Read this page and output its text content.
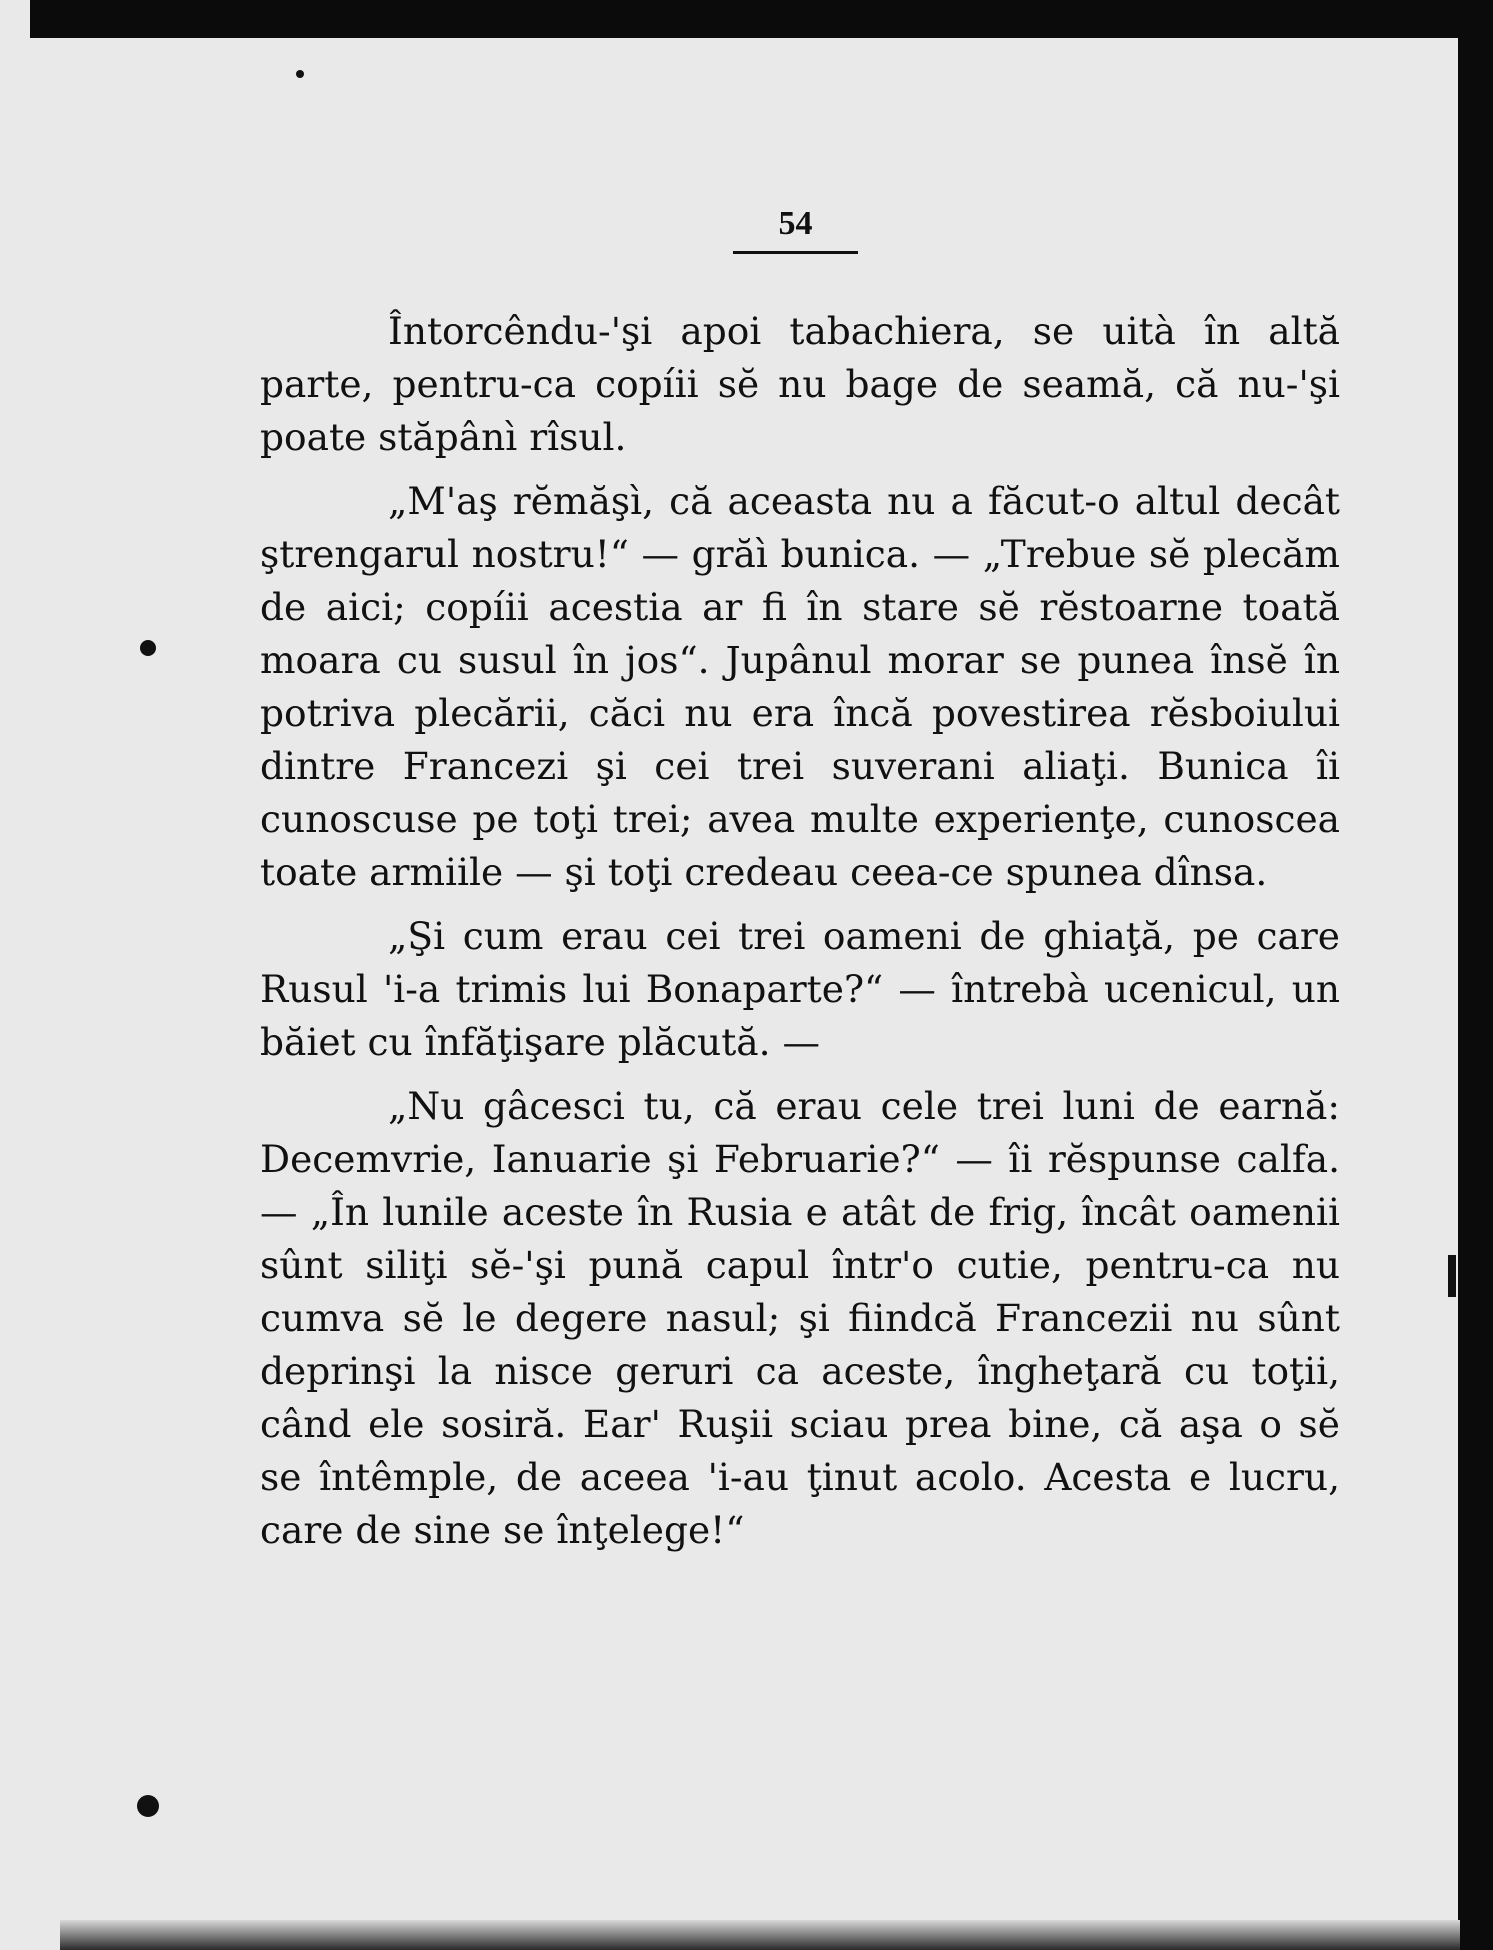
54

Întorcêndu-'şi apoi tabachiera, se uità în altă parte, pentru-ca copíii sĕ nu bage de seamă, că nu-'şi poate stăpânì rîsul.

„M'aş rĕmăşì, că aceasta nu a făcut-o altul decât ştrengarul nostru!“ — grăì bunica. — „Trebue sĕ plecăm de aici; copíii acestia ar fi în stare sĕ rĕstoarne toată moara cu susul în jos“. Jupânul morar se punea însĕ în potriva plecării, căci nu era încă povestirea rĕsboiului dintre Francezi şi cei trei suverani aliaţi. Bunica îi cunoscuse pe toţi trei; avea multe experienţe, cunoscea toate armiile — şi toţi credeau ceea-ce spunea dînsa.

„Şi cum erau cei trei oameni de ghiaţă, pe care Rusul 'i-a trimis lui Bonaparte?“ — întrebà ucenicul, un băiet cu înfăţişare plăcută. —

„Nu gâcesci tu, că erau cele trei luni de earnă: Decemvrie, Ianuarie şi Februarie?“ — îi rĕspunse calfa. — „În lunile aceste în Rusia e atât de frig, încât oamenii sûnt siliţi sĕ-'şi pună capul într'o cutie, pentru-ca nu cumva sĕ le degere nasul; şi fiindcă Francezii nu sûnt deprinşi la nisce geruri ca aceste, îngheţară cu toţii, când ele sosiră. Ear' Ruşii sciau prea bine, că aşa o sĕ se întêmple, de aceea 'i-au ţinut acolo. Acesta e lucru, care de sine se înţelege!“
